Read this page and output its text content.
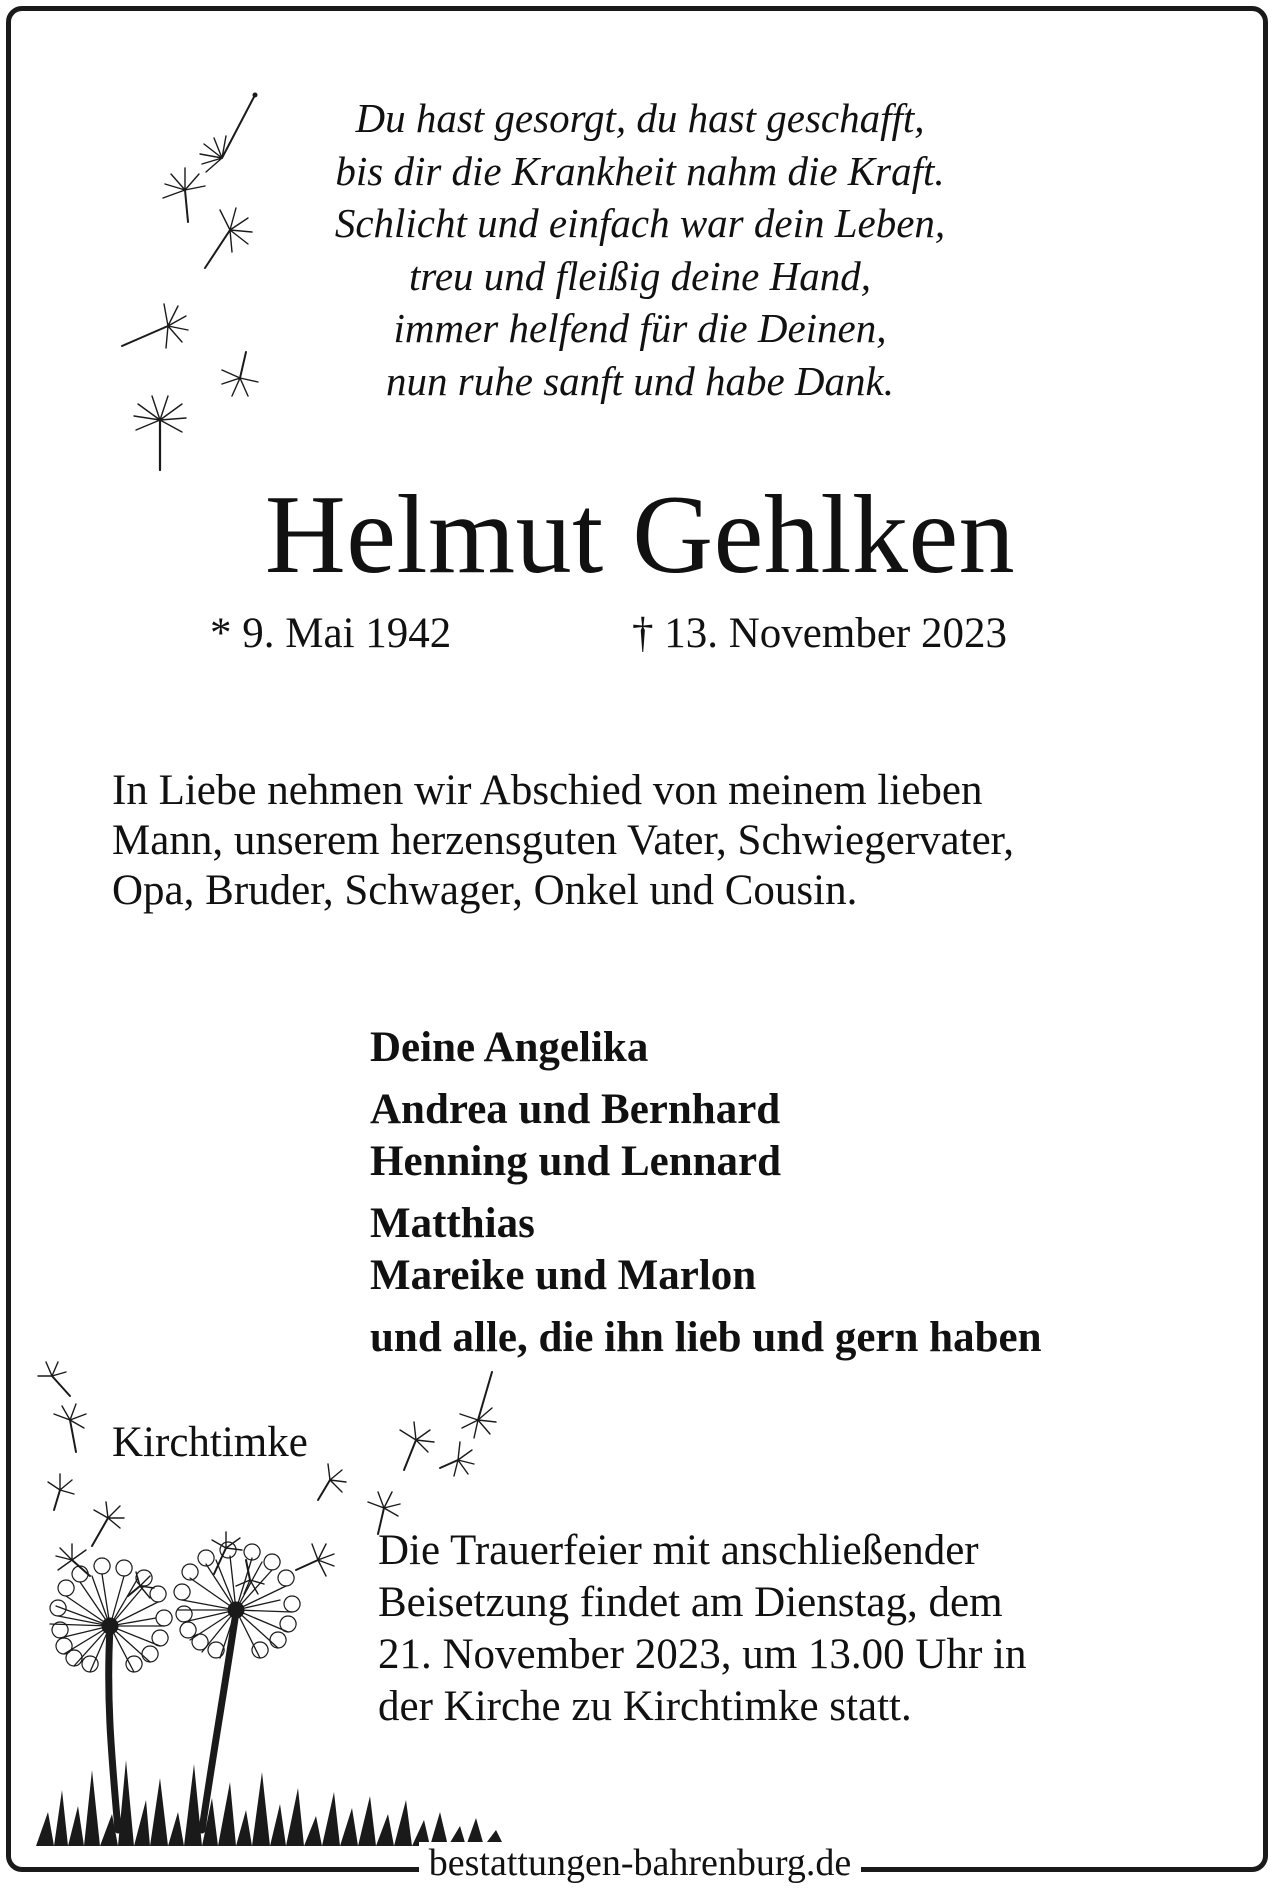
Du hast gesorgt, du hast geschafft,
bis dir die Krankheit nahm die Kraft.
Schlicht und einfach war dein Leben,
treu und fleißig deine Hand,
immer helfend für die Deinen,
nun ruhe sanft und habe Dank.
Helmut Gehlken
* 9. Mai 1942	† 13. November 2023
In Liebe nehmen wir Abschied von meinem lieben
Mann, unserem herzensguten Vater, Schwiegervater,
Opa, Bruder, Schwager, Onkel und Cousin.
Deine Angelika
Andrea und Bernhard
Henning und Lennard
Matthias
Mareike und Marlon
und alle, die ihn lieb und gern haben
Kirchtimke
Die Trauerfeier mit anschließender
Beisetzung findet am Dienstag, dem
21. November 2023, um 13.00 Uhr in
der Kirche zu Kirchtimke statt.
bestattungen-bahrenburg.de
